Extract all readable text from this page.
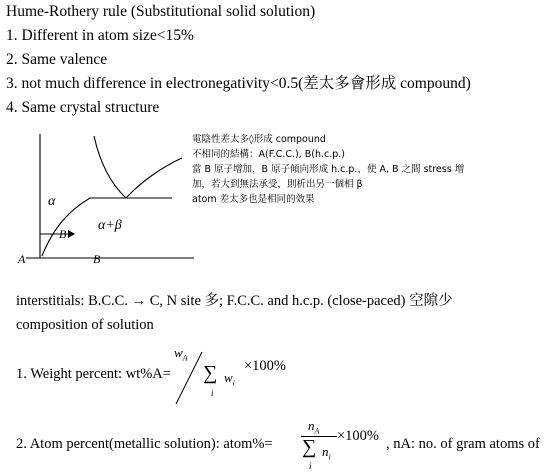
Hume-Rothery rule (Substitutional solid solution)
1. Different in atom size<15%
2. Same valence
3. not much difference in electronegativity<0.5(差太多會形成 compound)
4. Same crystal structure
α
α+β
B
A	B
電陰性差太多◊形成 compound
不相同的結構：A(F.C.C.), B(h.c.p.)
當 B 原子增加，B 原子傾向形成 h.c.p.，使 A, B 之間 stress 增
加，若大到無法承受，則析出另一個相 β
atom 差太多也是相同的效果
interstitials: B.C.C. → C, N site 多; F.C.C. and h.c.p. (close-paced) 空隙少
composition of solution
1. Weight percent: wt%A=
$w_A$
∑
i
$w_i$
×100%
2. Atom percent(metallic solution): atom%=
$n_A$
∑
i
$n_i$
×100% , nA: no. of gram atoms of
